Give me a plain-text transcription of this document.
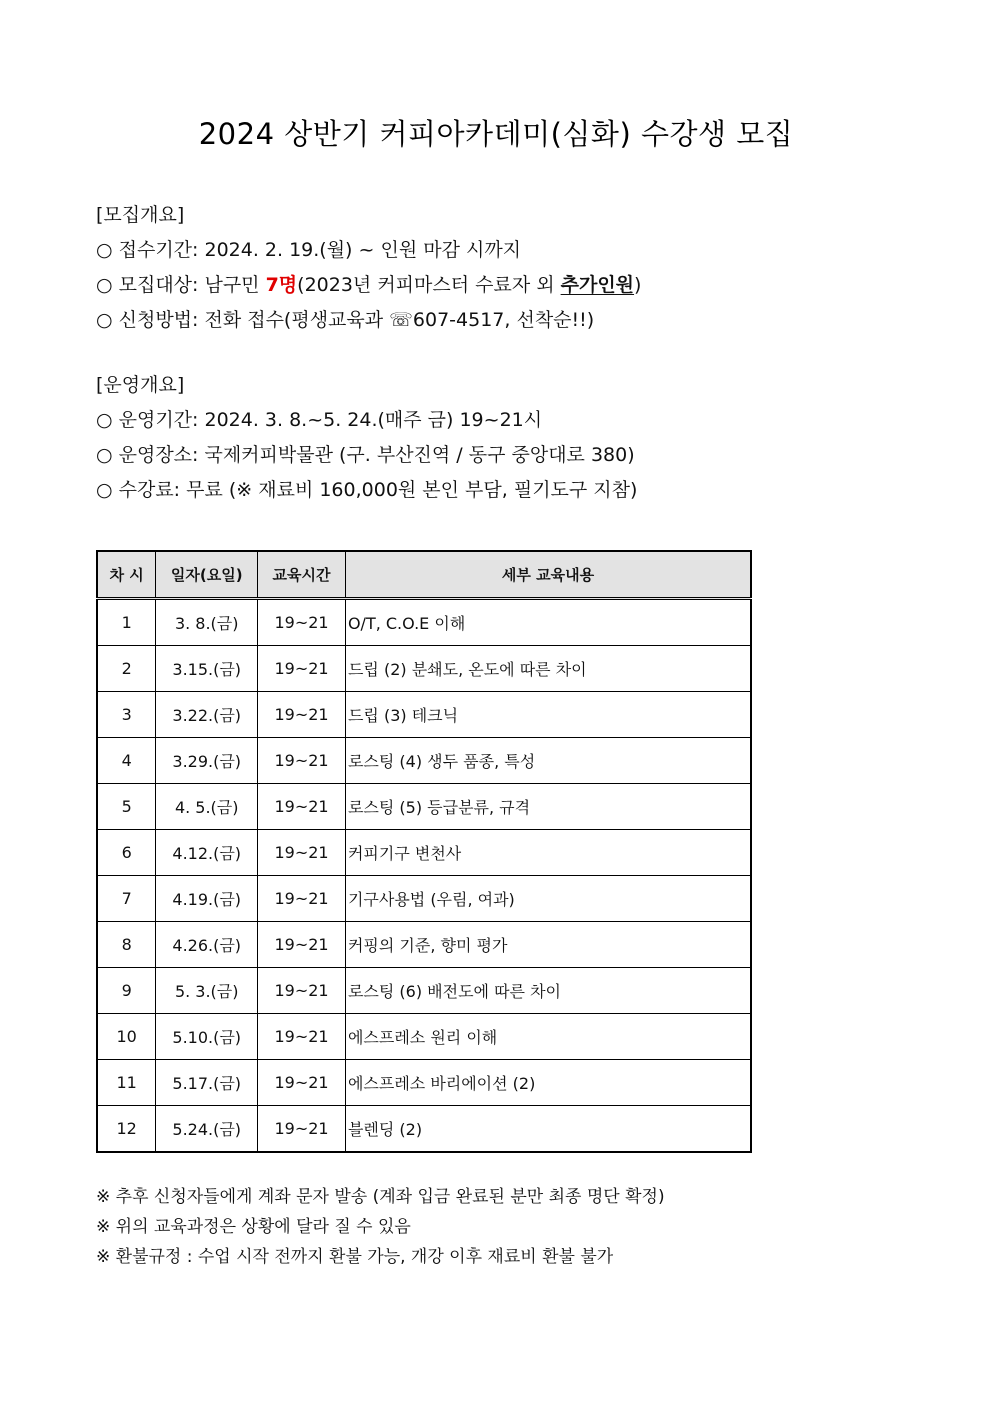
2024 상반기 커피아카데미(심화) 수강생 모집
[모집개요]
○ 접수기간: 2024. 2. 19.(월) ~ 인원 마감 시까지
○ 모집대상: 남구민 7명(2023년 커피마스터 수료자 외 추가인원)
○ 신청방법: 전화 접수(평생교육과 ☏607-4517, 선착순!!)
[운영개요]
○ 운영기간: 2024. 3. 8.~5. 24.(매주 금) 19~21시
○ 운영장소: 국제커피박물관 (구. 부산진역 / 동구 중앙대로 380)
○ 수강료: 무료 (※ 재료비 160,000원 본인 부담, 필기도구 지참)
차 시	일자(요일)	교육시간	세부 교육내용
1	3. 8.(금)	19~21	O/T, C.O.E 이해
2	3.15.(금)	19~21	드립 (2) 분쇄도, 온도에 따른 차이
3	3.22.(금)	19~21	드립 (3) 테크닉
4	3.29.(금)	19~21	로스팅 (4) 생두 품종, 특성
5	4. 5.(금)	19~21	로스팅 (5) 등급분류, 규격
6	4.12.(금)	19~21	커피기구 변천사
7	4.19.(금)	19~21	기구사용법 (우림, 여과)
8	4.26.(금)	19~21	커핑의 기준, 향미 평가
9	5. 3.(금)	19~21	로스팅 (6) 배전도에 따른 차이
10	5.10.(금)	19~21	에스프레소 원리 이해
11	5.17.(금)	19~21	에스프레소 바리에이션 (2)
12	5.24.(금)	19~21	블렌딩 (2)
※ 추후 신청자들에게 계좌 문자 발송 (계좌 입금 완료된 분만 최종 명단 확정)
※ 위의 교육과정은 상황에 달라 질 수 있음
※ 환불규정 : 수업 시작 전까지 환불 가능, 개강 이후 재료비 환불 불가
